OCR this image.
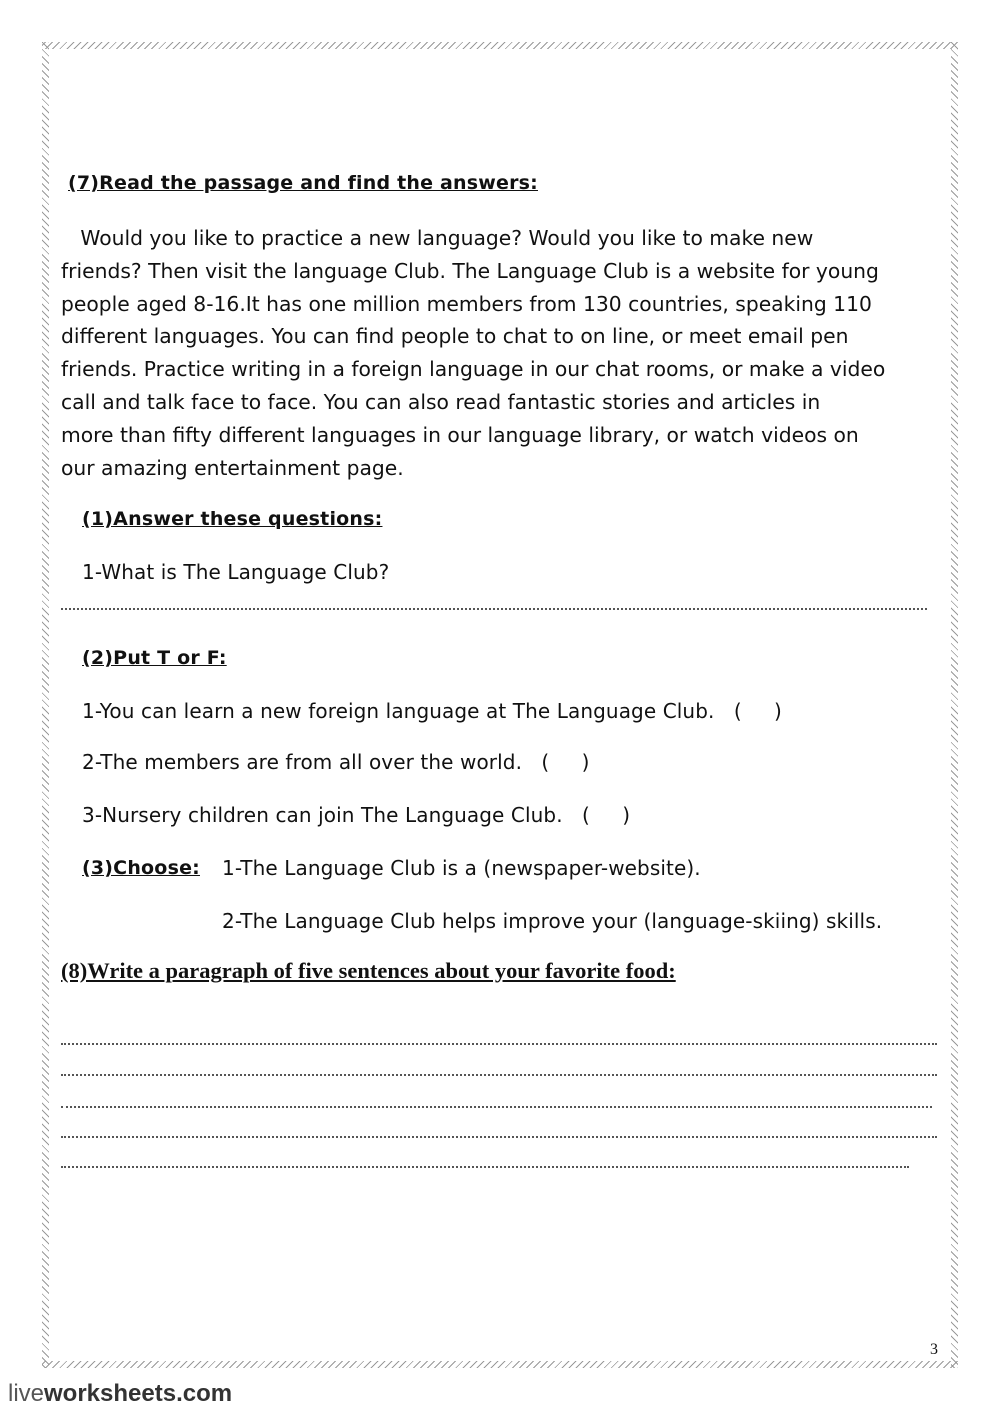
(7)Read the passage and find the answers:
Would you like to practice a new language? Would you like to make new
friends? Then visit the language Club. The Language Club is a website for young
people aged 8-16.It has one million members from 130 countries, speaking 110
different languages. You can find people to chat to on line, or meet email pen
friends. Practice writing in a foreign language in our chat rooms, or make a video
call and talk face to face. You can also read fantastic stories and articles in
more than fifty different languages in our language library, or watch videos on
our amazing entertainment page.
(1)Answer these questions:
1-What is The Language Club?
(2)Put T or F:
1-You can learn a new foreign language at The Language Club.   (     )
2-The members are from all over the world.   (     )
3-Nursery children can join The Language Club.   (     )
(3)Choose: 1-The Language Club is a (newspaper-website).
2-The Language Club helps improve your (language-skiing) skills.
(8)Write a paragraph of five sentences about your favorite food:
3
liveworksheets.com
